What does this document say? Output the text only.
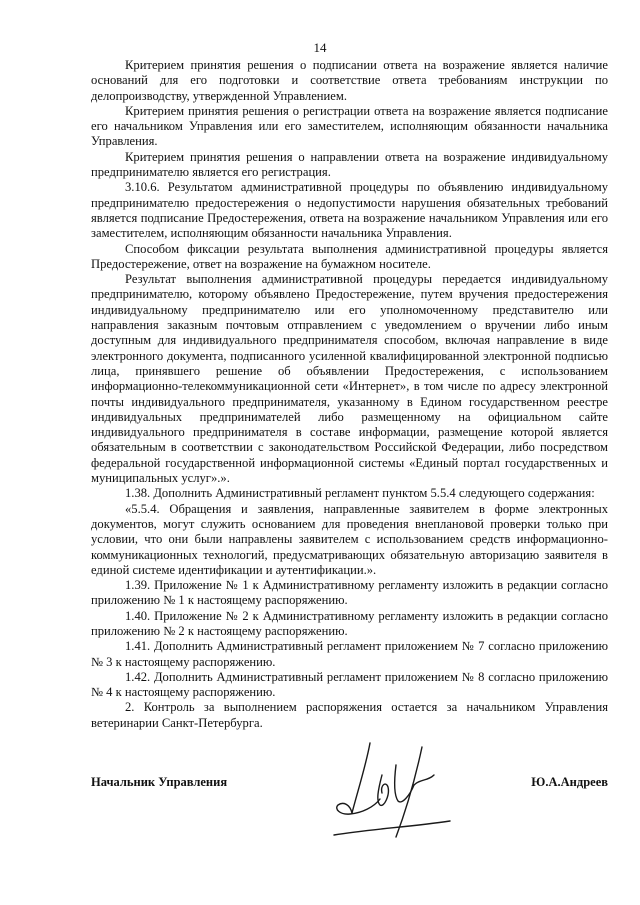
14

Критерием принятия решения о подписании ответа на возражение является наличие оснований для его подготовки и соответствие ответа требованиям инструкции по делопроизводству, утвержденной Управлением.

Критерием принятия решения о регистрации ответа на возражение является подписание его начальником Управления или его заместителем, исполняющим обязанности начальника Управления.

Критерием принятия решения о направлении ответа на возражение индивидуальному предпринимателю является его регистрация.

3.10.6. Результатом административной процедуры по объявлению индивидуальному предпринимателю предостережения о недопустимости нарушения обязательных требований является подписание Предостережения, ответа на возражение начальником Управления или его заместителем, исполняющим обязанности начальника Управления.

Способом фиксации результата выполнения административной процедуры является Предостережение, ответ на возражение на бумажном носителе.

Результат выполнения административной процедуры передается индивидуальному предпринимателю, которому объявлено Предостережение, путем вручения предостережения индивидуальному предпринимателю или его уполномоченному представителю или направления заказным почтовым отправлением с уведомлением о вручении либо иным доступным для индивидуального предпринимателя способом, включая направление в виде электронного документа, подписанного усиленной квалифицированной электронной подписью лица, принявшего решение об объявлении Предостережения, с использованием информационно-телекоммуникационной сети «Интернет», в том числе по адресу электронной почты индивидуального предпринимателя, указанному в Едином государственном реестре индивидуальных предпринимателей либо размещенному на официальном сайте индивидуального предпринимателя в составе информации, размещение которой является обязательным в соответствии с законодательством Российской Федерации, либо посредством федеральной государственной информационной системы «Единый портал государственных и муниципальных услуг».».

1.38. Дополнить Административный регламент пунктом 5.5.4 следующего содержания:

«5.5.4. Обращения и заявления, направленные заявителем в форме электронных документов, могут служить основанием для проведения внеплановой проверки только при условии, что они были направлены заявителем с использованием средств информационно-коммуникационных технологий, предусматривающих обязательную авторизацию заявителя в единой системе идентификации и аутентификации.».

1.39. Приложение № 1 к Административному регламенту изложить в редакции согласно приложению № 1 к настоящему распоряжению.

1.40. Приложение № 2 к Административному регламенту изложить в редакции согласно приложению № 2 к настоящему распоряжению.

1.41. Дополнить Административный регламент приложением № 7 согласно приложению № 3 к настоящему распоряжению.

1.42. Дополнить Административный регламент приложением № 8 согласно приложению № 4 к настоящему распоряжению.

2. Контроль за выполнением распоряжения остается за начальником Управления ветеринарии Санкт-Петербурга.

Начальник Управления	Ю.А.Андреев
